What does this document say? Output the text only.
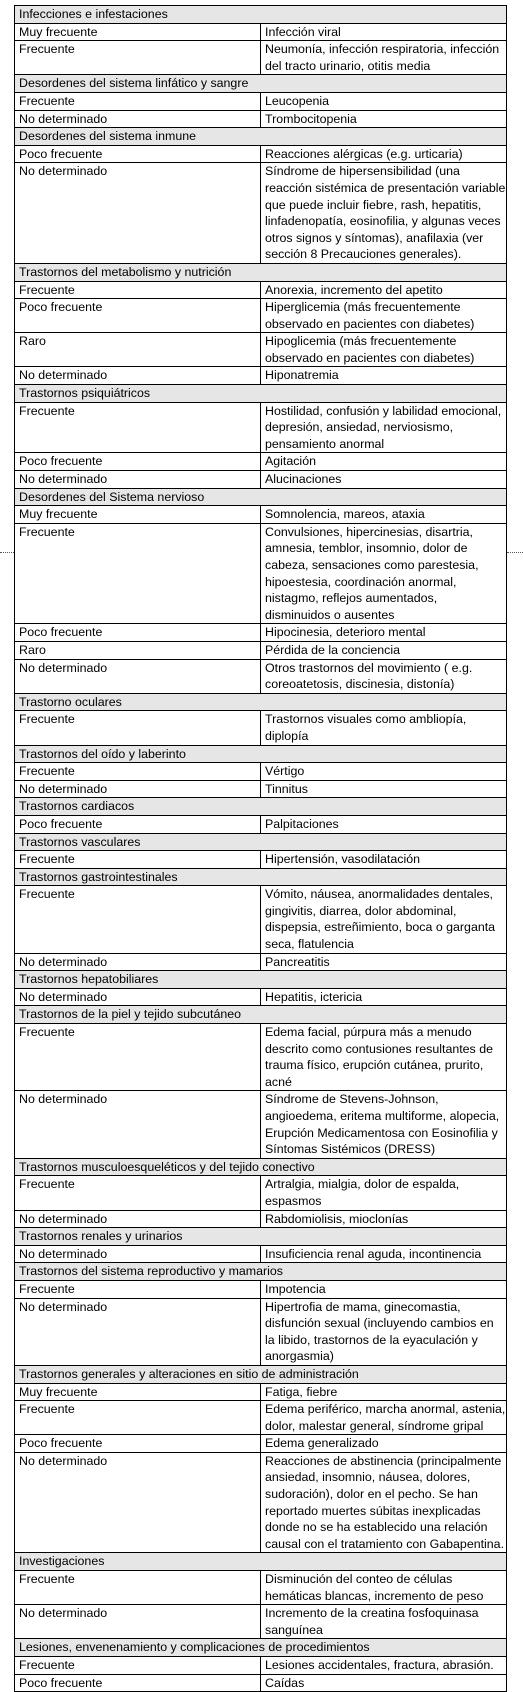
Infecciones e infestaciones	
Muy frecuente	Infección viral
Frecuente	Neumonía, infección respiratoria, infección del tracto urinario, otitis media
Desordenes del sistema linfático y sangre	
Frecuente	Leucopenia
No determinado	Trombocitopenia
Desordenes del sistema inmune	
Poco frecuente	Reacciones alérgicas (e.g. urticaria)
No determinado	Síndrome de hipersensibilidad (una reacción sistémica de presentación variable que puede incluir fiebre, rash, hepatitis, linfadenopatía, eosinofilia, y algunas veces otros signos y síntomas), anafilaxia (ver sección 8 Precauciones generales).
Trastornos del metabolismo y nutrición	
Frecuente	Anorexia, incremento del apetito
Poco frecuente	Hiperglicemia (más frecuentemente observado en pacientes con diabetes)
Raro	Hipoglicemia (más frecuentemente observado en pacientes con diabetes)
No determinado	Hiponatremia
Trastornos psiquiátricos	
Frecuente	Hostilidad, confusión y labilidad emocional, depresión, ansiedad, nerviosismo, pensamiento anormal
Poco frecuente	Agitación
No determinado	Alucinaciones
Desordenes del Sistema nervioso	
Muy frecuente	Somnolencia, mareos, ataxia
Frecuente	Convulsiones, hipercinesias, disartria, amnesia, temblor, insomnio, dolor de cabeza, sensaciones como parestesia, hipoestesia, coordinación anormal, nistagmo, reflejos aumentados, disminuidos o ausentes
Poco frecuente	Hipocinesia, deterioro mental
Raro	Pérdida de la conciencia
No determinado	Otros trastornos del movimiento ( e.g. coreoatetosis, discinesia, distonía)
Trastorno oculares	
Frecuente	Trastornos visuales como ambliopía, diplopía
Trastornos del oído y laberinto	
Frecuente	Vértigo
No determinado	Tinnitus
Trastornos cardiacos	
Poco frecuente	Palpitaciones
Trastornos vasculares	
Frecuente	Hipertensión, vasodilatación
Trastornos gastrointestinales	
Frecuente	Vómito, náusea, anormalidades dentales, gingivitis, diarrea, dolor abdominal, dispepsia, estreñimiento, boca o garganta seca, flatulencia
No determinado	Pancreatitis
Trastornos hepatobiliares	
No determinado	Hepatitis, ictericia
Trastornos de la piel y tejido subcutáneo	
Frecuente	Edema facial, púrpura más a menudo descrito como contusiones resultantes de trauma físico, erupción cutánea, prurito, acné
No determinado	Síndrome de Stevens-Johnson, angioedema, eritema multiforme, alopecia, Erupción Medicamentosa con Eosinofilia y Síntomas Sistémicos (DRESS)
Trastornos musculoesqueléticos y del tejido conectivo	
Frecuente	Artralgia, mialgia, dolor de espalda, espasmos
No determinado	Rabdomiolisis, mioclonías
Trastornos renales y urinarios	
No determinado	Insuficiencia renal aguda, incontinencia
Trastornos del sistema reproductivo y mamarios	
Frecuente	Impotencia
No determinado	Hipertrofia de mama, ginecomastia, disfunción sexual (incluyendo cambios en la libido, trastornos de la eyaculación y anorgasmia)
Trastornos generales y alteraciones en sitio de administración	
Muy frecuente	Fatiga, fiebre
Frecuente	Edema periférico, marcha anormal, astenia, dolor, malestar general, síndrome gripal
Poco frecuente	Edema generalizado
No determinado	Reacciones de abstinencia (principalmente ansiedad, insomnio, náusea, dolores, sudoración), dolor en el pecho. Se han reportado muertes súbitas inexplicadas donde no se ha establecido una relación causal con el tratamiento con Gabapentina.
Investigaciones	
Frecuente	Disminución del conteo de células hemáticas blancas, incremento de peso
No determinado	Incremento de la creatina fosfoquinasa sanguínea
Lesiones, envenenamiento y complicaciones de procedimientos	
Frecuente	Lesiones accidentales, fractura, abrasión.
Poco frecuente	Caídas
